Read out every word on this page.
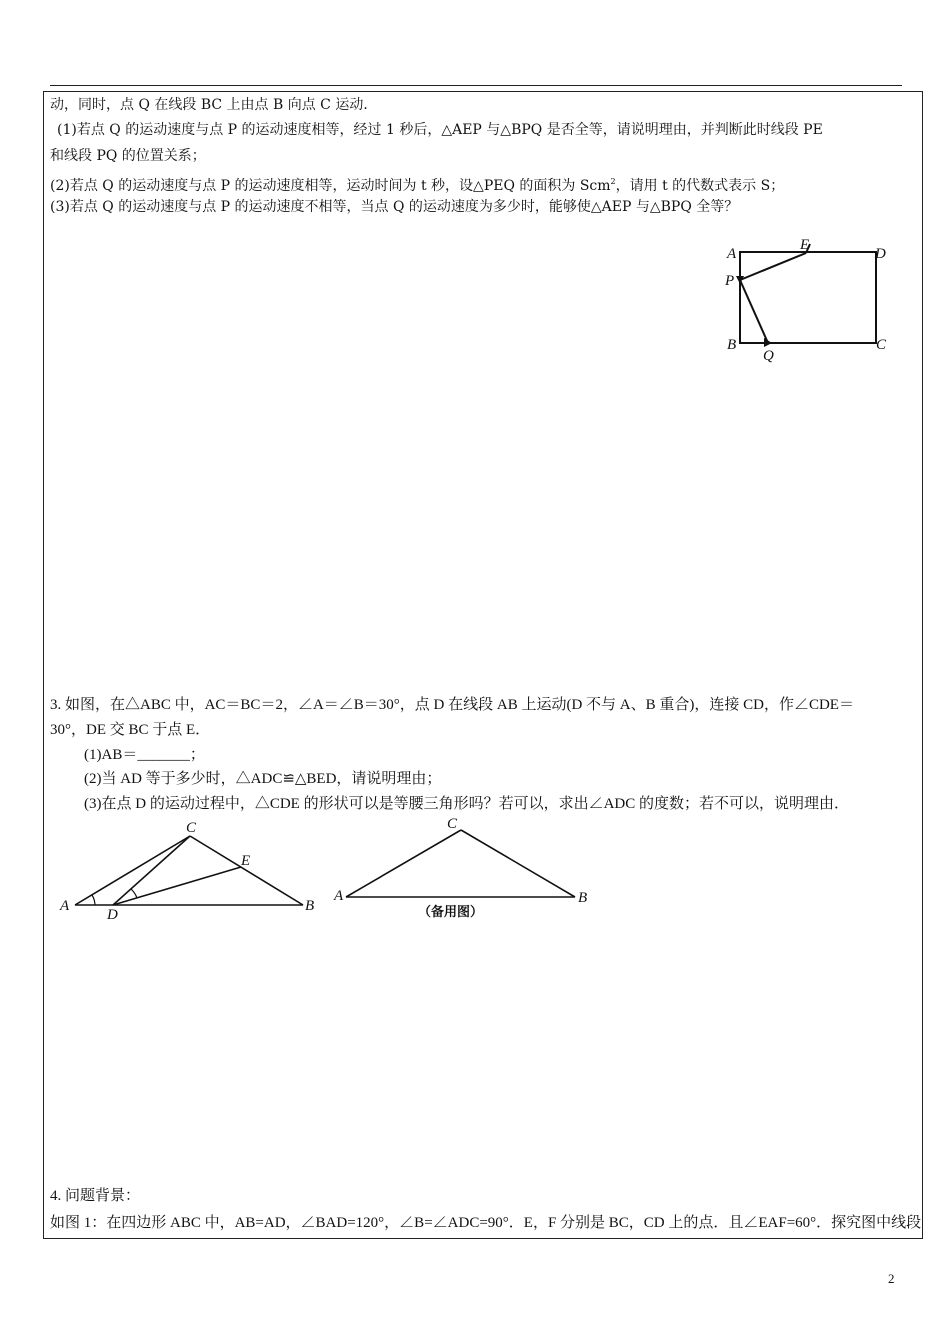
动，同时，点 Q 在线段 BC 上由点 B 向点 C 运动．
(1)若点 Q 的运动速度与点 P 的运动速度相等，经过 1 秒后，△AEP 与△BPQ 是否全等，请说明理由，并判断此时线段 PE
和线段 PQ 的位置关系；
(2)若点 Q 的运动速度与点 P 的运动速度相等，运动时间为 t 秒，设△PEQ 的面积为 Scm$^2$，请用 t 的代数式表示 S；
(3)若点 Q 的运动速度与点 P 的运动速度不相等，当点 Q 的运动速度为多少时，能够使△AEP 与△BPQ 全等？
A
E
D
P
B
Q
C
3. 如图，在△ABC 中，AC＝BC＝2，∠A＝∠B＝30°，点 D 在线段 AB 上运动(D 不与 A、B 重合)，连接 CD，作∠CDE＝
30°，DE 交 BC 于点 E．
(1)AB＝_______；
(2)当 AD 等于多少时，△ADC≌△BED，请说明理由；
(3)在点 D 的运动过程中，△CDE 的形状可以是等腰三角形吗？若可以，求出∠ADC 的度数；若不可以，说明理由．
A
C
E
D
B
C
A	B
（备用图）
4. 问题背景：
如图 1：在四边形 ABC 中，AB=AD，∠BAD=120°，∠B=∠ADC=90°．E，F 分别是 BC，CD 上的点．且∠EAF=60°．探究图中线段
2
